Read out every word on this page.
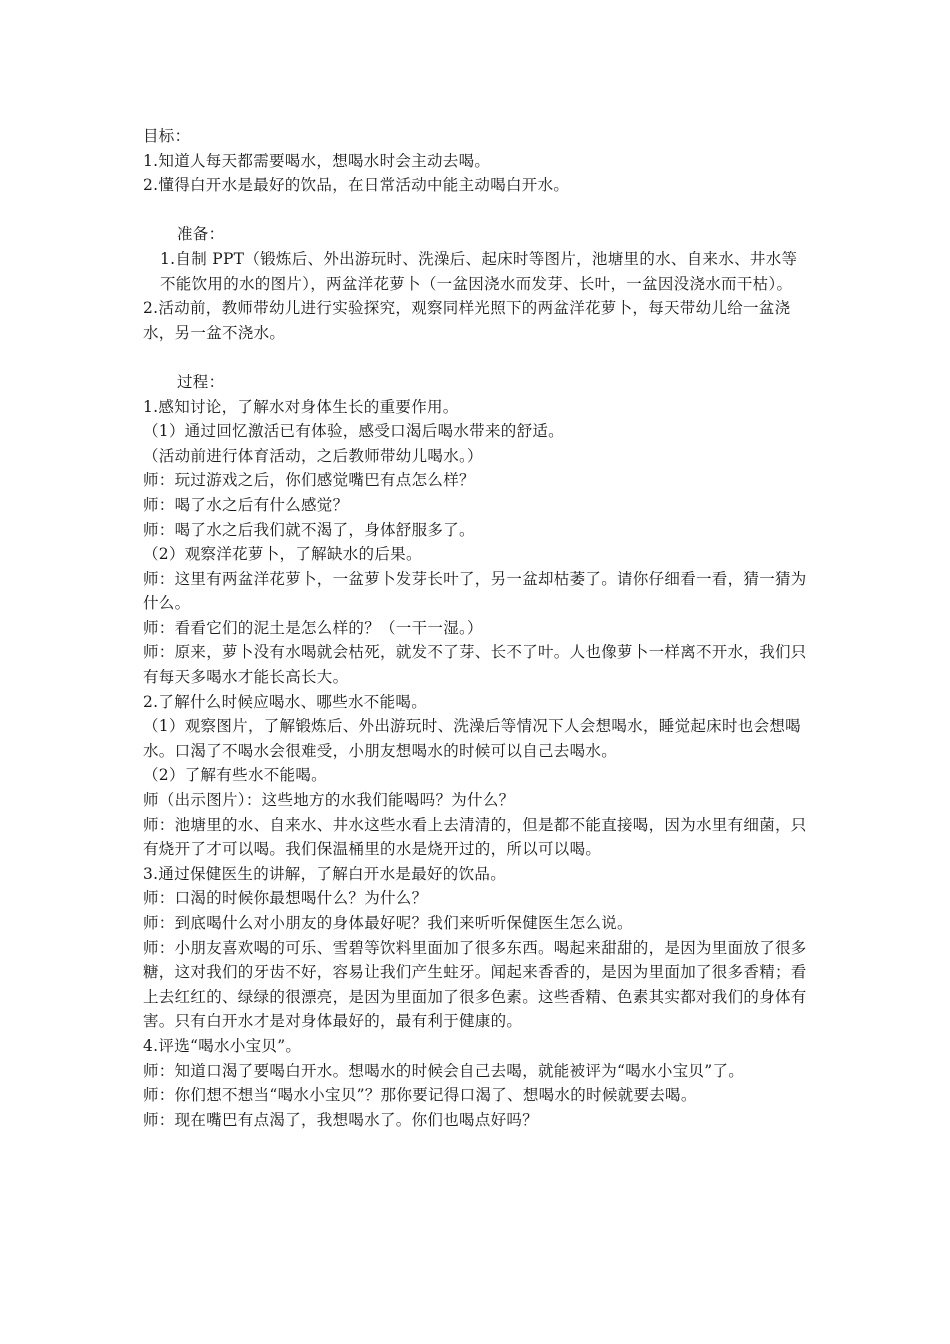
目标：

1.知道人每天都需要喝水，想喝水时会主动去喝。

2.懂得白开水是最好的饮品，在日常活动中能主动喝白开水。

准备：

1.自制 PPT（锻炼后、外出游玩时、洗澡后、起床时等图片，池塘里的水、自来水、井水等不能饮用的水的图片），两盆洋花萝卜（一盆因浇水而发芽、长叶，一盆因没浇水而干枯）。

2.活动前，教师带幼儿进行实验探究，观察同样光照下的两盆洋花萝卜，每天带幼儿给一盆浇水，另一盆不浇水。

过程：

1.感知讨论，了解水对身体生长的重要作用。

（1）通过回忆激活已有体验，感受口渴后喝水带来的舒适。

（活动前进行体育活动，之后教师带幼儿喝水。）

师：玩过游戏之后，你们感觉嘴巴有点怎么样？

师：喝了水之后有什么感觉？

师：喝了水之后我们就不渴了，身体舒服多了。

（2）观察洋花萝卜，了解缺水的后果。

师：这里有两盆洋花萝卜，一盆萝卜发芽长叶了，另一盆却枯萎了。请你仔细看一看，猜一猜为什么。

师：看看它们的泥土是怎么样的？（一干一湿。）

师：原来，萝卜没有水喝就会枯死，就发不了芽、长不了叶。人也像萝卜一样离不开水，我们只有每天多喝水才能长高长大。

2.了解什么时候应喝水、哪些水不能喝。

（1）观察图片，了解锻炼后、外出游玩时、洗澡后等情况下人会想喝水，睡觉起床时也会想喝水。口渴了不喝水会很难受，小朋友想喝水的时候可以自己去喝水。

（2）了解有些水不能喝。

师（出示图片）：这些地方的水我们能喝吗？为什么？

师：池塘里的水、自来水、井水这些水看上去清清的，但是都不能直接喝，因为水里有细菌，只有烧开了才可以喝。我们保温桶里的水是烧开过的，所以可以喝。

3.通过保健医生的讲解，了解白开水是最好的饮品。

师：口渴的时候你最想喝什么？为什么？

师：到底喝什么对小朋友的身体最好呢？我们来听听保健医生怎么说。

师：小朋友喜欢喝的可乐、雪碧等饮料里面加了很多东西。喝起来甜甜的，是因为里面放了很多糖，这对我们的牙齿不好，容易让我们产生蛀牙。闻起来香香的，是因为里面加了很多香精；看上去红红的、绿绿的很漂亮，是因为里面加了很多色素。这些香精、色素其实都对我们的身体有害。只有白开水才是对身体最好的，最有利于健康的。

4.评选“喝水小宝贝”。

师：知道口渴了要喝白开水。想喝水的时候会自己去喝，就能被评为“喝水小宝贝”了。

师：你们想不想当“喝水小宝贝”？那你要记得口渴了、想喝水的时候就要去喝。

师：现在嘴巴有点渴了，我想喝水了。你们也喝点好吗？
